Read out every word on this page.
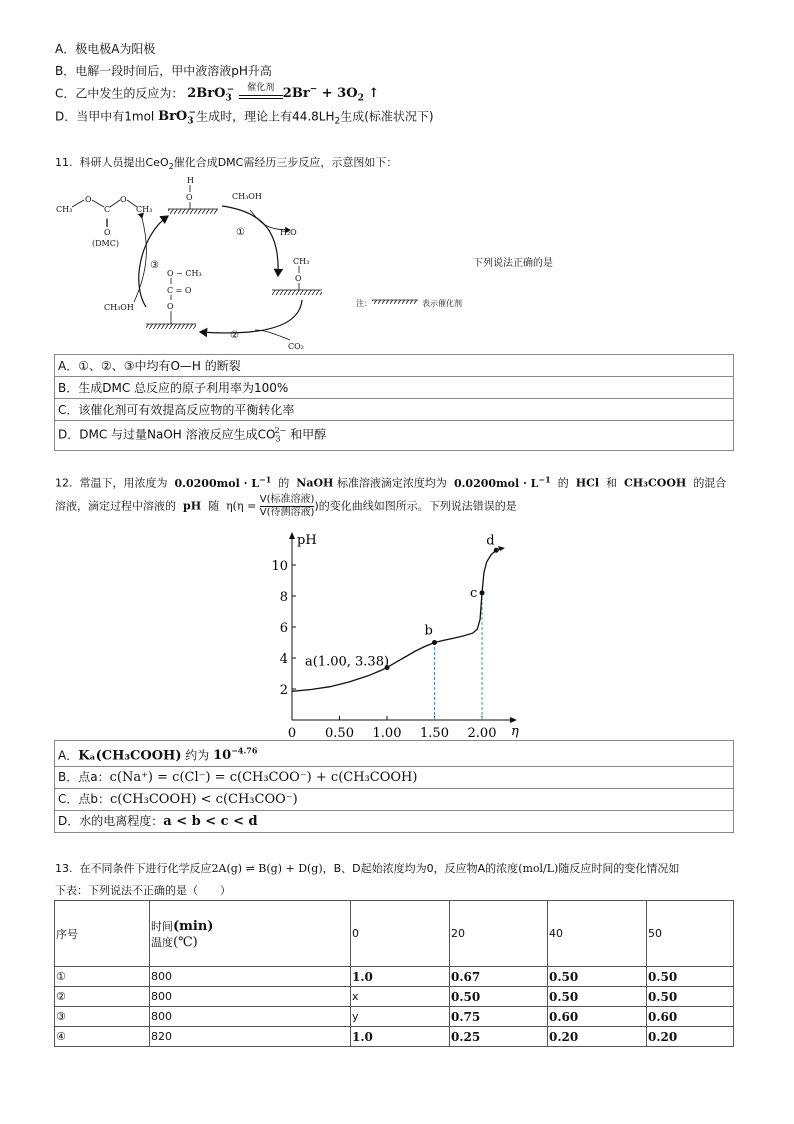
A．极电极A为阳极
B．电解一段时间后，甲中液溶液pH升高
C．乙中发生的反应为： 2BrO$_3$−	催化剂 $2Br^- + 3O_2$ ↑
D．当甲中有1mol BrO$_3$−生成时，理论上有$44.8LH_2$生成(标准状况下)
11. 科研人员提出CeO$_2$催化合成DMC需经历三步反应，示意图如下：
CH₃
O
C
O
CH₃
‖
O
(DMC)
H
O	CH₃OH
H₂O
①
CH₃
O
O − CH₃
C = O
O
CH₃OH
③
②
CO₂
注：	表示催化剂
下列说法正确的是
A．①、②、③中均有O—H 的断裂
B．生成DMC 总反应的原子利用率为100%
C．该催化剂可有效提高反应物的平衡转化率
D．DMC 与过量NaOH 溶液反应生成$CO_3^{2-}$ 和甲醇
12. 常温下，用浓度为 $0.0200mol \cdot L^{-1}$ 的 NaOH 标准溶液滴定浓度均为 $0.0200mol \cdot L^{-1}$ 的 HCl 和 CH₃COOH 的混合
溶液，滴定过程中溶液的 pH 随 η(η = V(标准溶液)
V(待测溶液) )的变化曲线如图所示。下列说法错误的是
pH
η
0 0.50 1.00 1.50 2.00
2
4
6
8
10
a(1.00, 3.38)
b
c
d
A．Kₐ(CH₃COOH) 约为 $10^{-4.76}$
B．点a：c(Na⁺) = c(Cl⁻) = c(CH₃COO⁻) + c(CH₃COOH)
C．点b：c(CH₃COOH) < c(CH₃COO⁻)
D．水的电离程度：a < b < c < d
13. 在不同条件下进行化学反应2A(g) ⇌ B(g) + D(g)，B、D起始浓度均为0，反应物A的浓度(mol/L)随反应时间的变化情况如
下表：下列说法不正确的是（　　）
序号	时间(min)
温度(℃)	0	20	40	50
①	800	1.0	0.67	0.50	0.50
②	800	x	0.50	0.50	0.50
③	800	y	0.75	0.60	0.60
④	820	1.0	0.25	0.20	0.20
